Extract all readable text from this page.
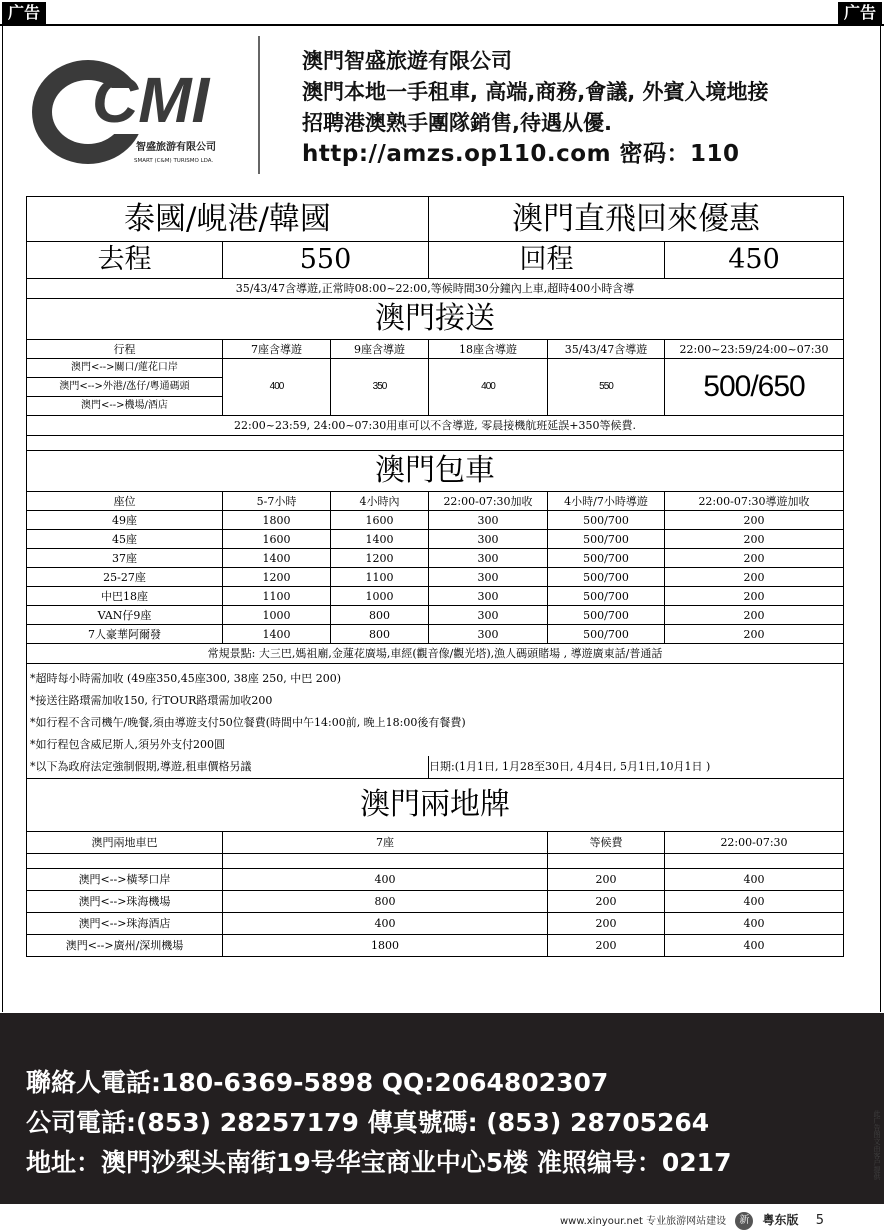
广告	广告
CMI
智盛旅游有限公司
SMART (C&M) TURISMO LDA.
澳門智盛旅遊有限公司
澳門本地一手租車, 高端,商務,會議, 外賓入境地接
招聘港澳熟手團隊銷售,待遇从優.
http://amzs.op110.com 密码：110
泰國/峴港/韓國			澳門直飛回來優惠		
去程	550		回程		450
35/43/47含導遊,正常時08:00~22:00,等候時間30分鐘內上車,超時400小時含導					
澳門接送					
行程	7座含導遊	9座含導遊	18座含導遊	35/43/47含導遊	22:00~23:59/24:00~07:30
澳門<-->關口/蓮花口岸	400	350	400	550	500/650
澳門<-->外港/氹仔/粵通碼頭					
澳門<-->機場/酒店					
22:00~23:59, 24:00~07:30用車可以不含導遊, 零晨接機航班延誤+350等候費.					

澳門包車					
座位	5-7小時	4小時內	22:00-07:30加收	4小時/7小時導遊	22:00-07:30導遊加收
49座	1800	1600	300	500/700	200
45座	1600	1400	300	500/700	200
37座	1400	1200	300	500/700	200
25-27座	1200	1100	300	500/700	200
中巴18座	1100	1000	300	500/700	200
VAN仔9座	1000	800	300	500/700	200
7人豪華阿爾發	1400	800	300	500/700	200
常規景點: 大三巴,媽祖廟,金蓮花廣場,車經(觀音像/觀光塔),漁人碼頭賭場 , 導遊廣東話/普通話					
*超時每小時需加收 (49座350,45座300, 38座 250, 中巴 200)					
*接送往路環需加收150, 行TOUR路環需加收200					
*如行程不含司機午/晚餐,須由導遊支付50位餐費(時間中午14:00前, 晚上18:00後有餐費)					
*如行程包含威尼斯人,須另外支付200圓					
*以下為政府法定強制假期,導遊,租車價格另議			日期:(1月1日, 1月28至30日, 4月4日, 5月1日,10月1日 )		
澳門兩地牌					
澳門兩地車巴	7座			等候費	22:00-07:30

澳門<-->橫琴口岸	400			200	400
澳門<-->珠海機場	800			200	400
澳門<-->珠海酒店	400			200	400
澳門<-->廣州/深圳機場	1800			200	400
聯絡人電話:180-6369-5898 QQ:2064802307
公司電話:(853) 28257179 傳真號碼: (853) 28705264
地址：澳門沙梨头南街19号华宝商业中心5楼 准照编号：0217
www.xinyour.net 专业旅游网站建设 新 粤东版 5
此广告图文由客户提供
